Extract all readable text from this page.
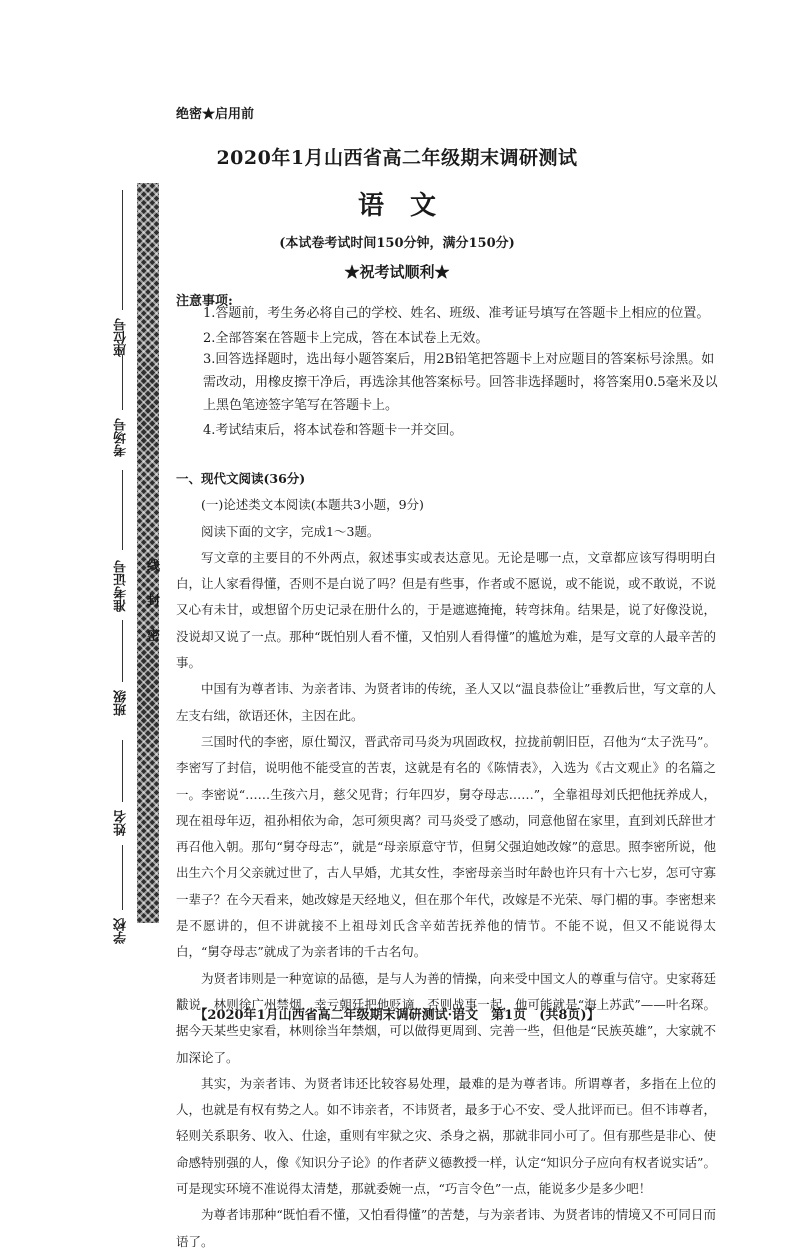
绝密★启用前
2020年1月山西省高二年级期末调研测试
语文
(本试卷考试时间150分钟，满分150分)
★祝考试顺利★
座位号
考场号
准考证号
班级
姓名
学校
线
封
密
注意事项:
1.答题前，考生务必将自己的学校、姓名、班级、准考证号填写在答题卡上相应的位置。
2.全部答案在答题卡上完成，答在本试卷上无效。
3.回答选择题时，选出每小题答案后，用2B铅笔把答题卡上对应题目的答案标号涂黑。如需改动，用橡皮擦干净后，再选涂其他答案标号。回答非选择题时，将答案用0.5毫米及以上黑色笔迹签字笔写在答题卡上。
4.考试结束后，将本试卷和答题卡一并交回。

一、现代文阅读(36分)

(一)论述类文本阅读(本题共3小题，9分)

阅读下面的文字，完成1～3题。

写文章的主要目的不外两点，叙述事实或表达意见。无论是哪一点，文章都应该写得明明白白，让人家看得懂，否则不是白说了吗？但是有些事，作者或不愿说，或不能说，或不敢说，不说又心有未甘，或想留个历史记录在册什么的，于是遮遮掩掩，转弯抹角。结果是，说了好像没说，没说却又说了一点。那种“既怕别人看不懂，又怕别人看得懂”的尴尬为难，是写文章的人最辛苦的事。

中国有为尊者讳、为亲者讳、为贤者讳的传统，圣人又以“温良恭俭让”垂教后世，写文章的人左支右绌，欲语还休，主因在此。

三国时代的李密，原仕蜀汉，晋武帝司马炎为巩固政权，拉拢前朝旧臣，召他为“太子洗马”。李密写了封信，说明他不能受宣的苦衷，这就是有名的《陈情表》，入选为《古文观止》的名篇之一。李密说“……生孩六月，慈父见背；行年四岁，舅夺母志……”，全靠祖母刘氏把他抚养成人，现在祖母年迈，祖孙相依为命，怎可须臾离？司马炎受了感动，同意他留在家里，直到刘氏辞世才再召他入朝。那句“舅夺母志”，就是“母亲原意守节，但舅父强迫她改嫁”的意思。照李密所说，他出生六个月父亲就过世了，古人早婚，尤其女性，李密母亲当时年龄也许只有十六七岁，怎可守寡一辈子？在今天看来，她改嫁是天经地义，但在那个年代，改嫁是不光荣、辱门楣的事。李密想来是不愿讲的，但不讲就接不上祖母刘氏含辛茹苦抚养他的情节。不能不说，但又不能说得太白，“舅夺母志”就成了为亲者讳的千古名句。

为贤者讳则是一种宽谅的品德，是与人为善的情操，向来受中国文人的尊重与信守。史家蒋廷黻说，林则徐广州禁烟，幸亏朝廷把他贬谪，否则战事一起，他可能就是“海上苏武”——叶名琛。据今天某些史家看，林则徐当年禁烟，可以做得更周到、完善一些，但他是“民族英雄”，大家就不加深论了。

其实，为亲者讳、为贤者讳还比较容易处理，最难的是为尊者讳。所谓尊者，多指在上位的人，也就是有权有势之人。如不讳亲者，不讳贤者，最多于心不安、受人批评而已。但不讳尊者，轻则关系职务、收入、仕途，重则有牢狱之灾、杀身之祸，那就非同小可了。但有那些是非心、使命感特别强的人，像《知识分子论》的作者萨义德教授一样，认定“知识分子应向有权者说实话”。可是现实环境不准说得太清楚，那就委婉一点，“巧言令色”一点，能说多少是多少吧！

为尊者讳那种“既怕看不懂，又怕看得懂”的苦楚，与为亲者讳、为贤者讳的情境又不可同日而语了。

【2020年1月山西省高二年级期末调研测试·语文　第1页　(共8页)】
